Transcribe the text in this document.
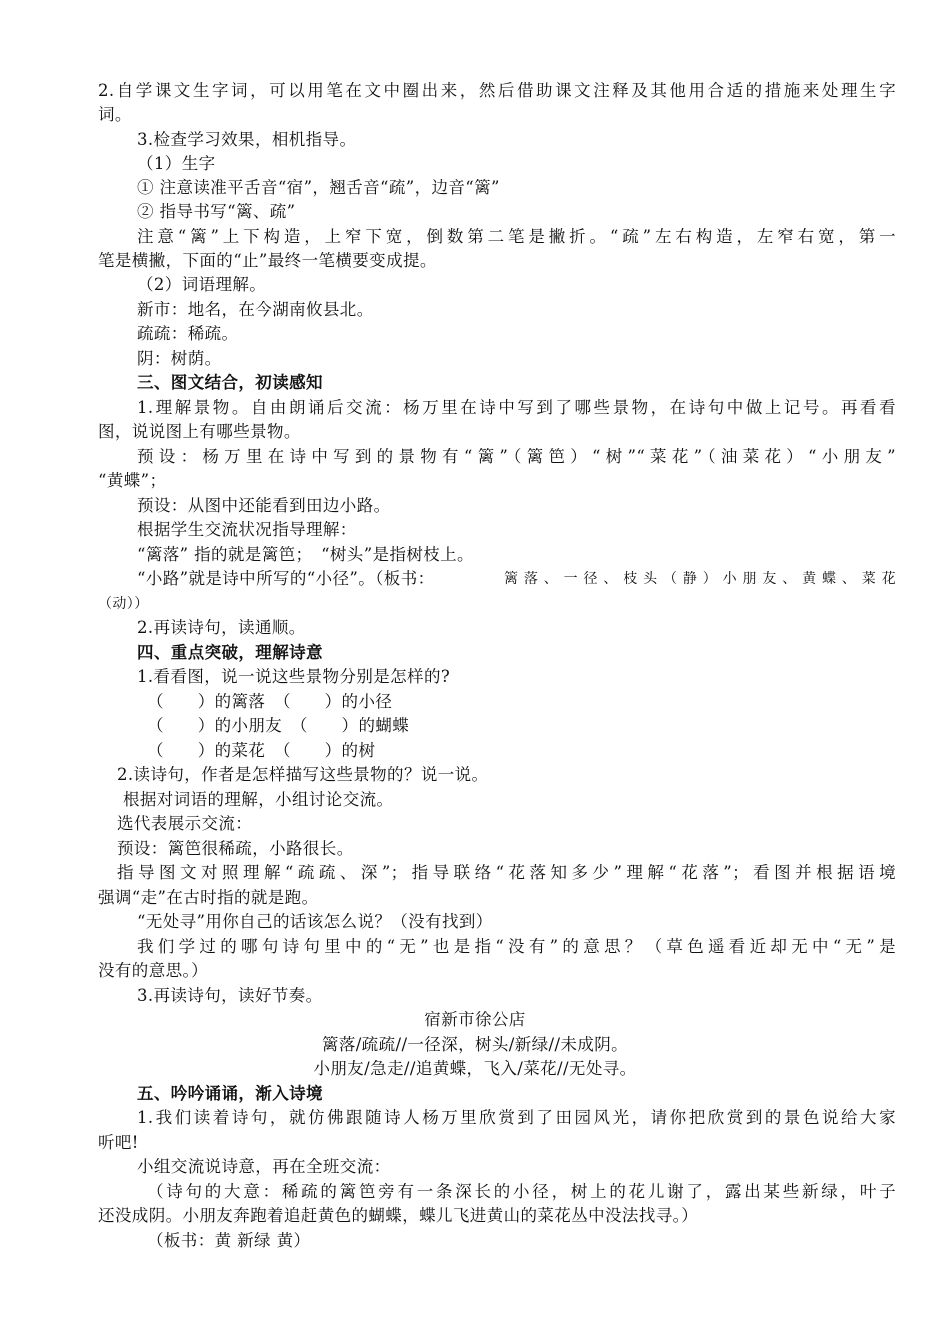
2.自学课文生字词，可以用笔在文中圈出来，然后借助课文注释及其他用合适的措施来处理生字
词。
3.检查学习效果，相机指导。
（1）生字
① 注意读准平舌音“宿”，翘舌音“疏”，边音“篱”
② 指导书写“篱、疏”
注意“篱”上下构造，上窄下宽，倒数第二笔是撇折。“疏”左右构造，左窄右宽，第一
笔是横撇，下面的“止”最终一笔横要变成提。
（2）词语理解。
新市：地名，在今湖南攸县北。
疏疏：稀疏。
阴：树荫。
三、图文结合，初读感知
1.理解景物。自由朗诵后交流：杨万里在诗中写到了哪些景物，在诗句中做上记号。再看看
图，说说图上有哪些景物。
预设：杨万里在诗中写到的景物有“篱”（篱笆）“树”“菜花”（油菜花）“小朋友”
“黄蝶”；
预设：从图中还能看到田边小路。
根据学生交流状况指导理解：
“篱落” 指的就是篱笆；　“树头”是指树枝上。
“小路”就是诗中所写的“小径”。（板书：	篱落、一径、枝头（静）小朋友、黄蝶、菜花
（动））
2.再读诗句，读通顺。
四、重点突破，理解诗意
1.看看图，说一说这些景物分别是怎样的?
（　　）的篱落　（　　）的小径
（　　）的小朋友　（　　）的蝴蝶
（　　）的菜花　（　　）的树
2.读诗句，作者是怎样描写这些景物的？说一说。
根据对词语的理解，小组讨论交流。
选代表展示交流：
预设：篱笆很稀疏，小路很长。
指导图文对照理解“疏疏、深”；指导联络“花落知多少”理解“花落”；看图并根据语境
强调“走”在古时指的就是跑。
“无处寻”用你自己的话该怎么说？（没有找到）
我们学过的哪句诗句里中的“无”也是指“没有”的意思？（草色遥看近却无中“无”是
没有的意思。）
3.再读诗句，读好节奏。
宿新市徐公店
篱落/疏疏//一径深，树头/新绿//未成阴。
小朋友/急走//追黄蝶，飞入/菜花//无处寻。
五、吟吟诵诵，渐入诗境
1.我们读着诗句，就仿佛跟随诗人杨万里欣赏到了田园风光，请你把欣赏到的景色说给大家
听吧!
小组交流说诗意，再在全班交流：
（诗句的大意：稀疏的篱笆旁有一条深长的小径，树上的花儿谢了，露出某些新绿，叶子
还没成阴。小朋友奔跑着追赶黄色的蝴蝶，蝶儿飞进黄山的菜花丛中没法找寻。）
（板书：黄 新绿 黄）
